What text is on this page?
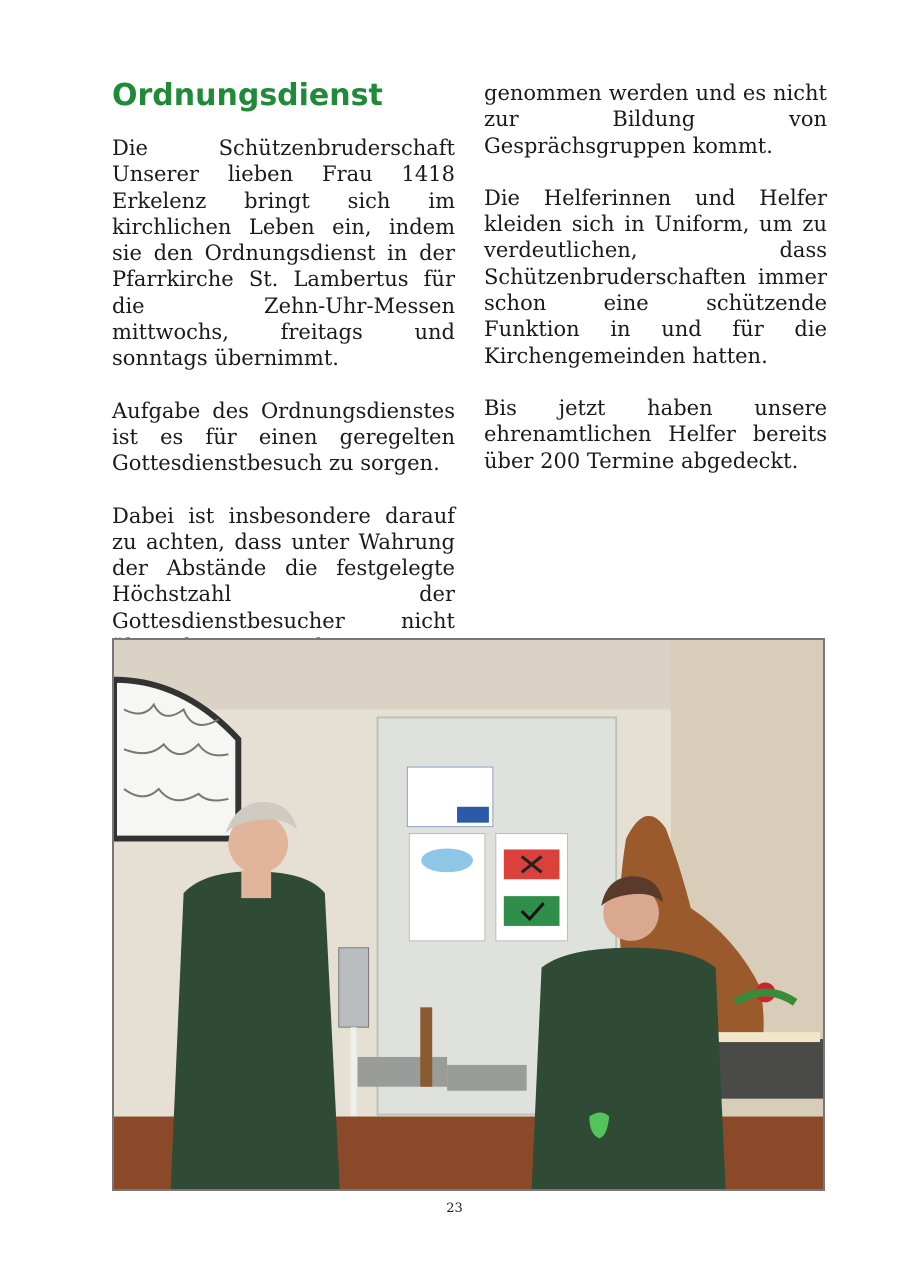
Ordnungsdienst

Die Schützenbruderschaft Unserer lieben Frau 1418 Erkelenz bringt sich im kirchlichen Leben ein, indem sie den Ordnungsdienst in der Pfarrkirche St. Lambertus für die Zehn-Uhr-Messen mittwochs, freitags und sonntags übernimmt.

Aufgabe des Ordnungsdienstes ist es für einen geregelten Gottesdienstbesuch zu sorgen.

Dabei ist insbesondere darauf zu achten, dass unter Wahrung der Abstände die festgelegte Höchstzahl der Gottesdienstbesucher nicht

genommen werden und es nicht zur Bildung von Gesprächsgruppen kommt.

Die Helferinnen und Helfer kleiden sich in Uniform, um zu verdeutlichen, dass Schützenbruderschaften immer schon eine schützende Funktion in und für die Kirchengemeinden hatten.

Bis jetzt haben unsere ehrenamtlichen Helfer bereits über 200 Termine abgedeckt.

23
